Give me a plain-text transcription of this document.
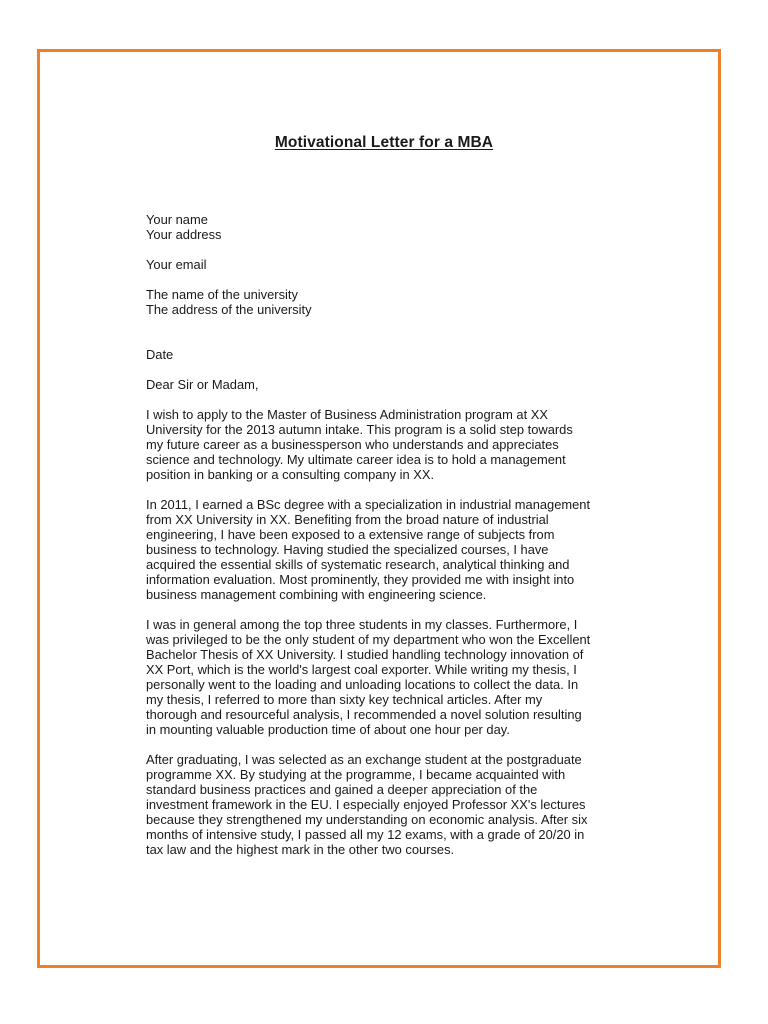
Motivational Letter for a MBA
Your name
Your address
Your email
The name of the university
The address of the university
Date
Dear Sir or Madam,
I wish to apply to the Master of Business Administration program at XX
University for the 2013 autumn intake. This program is a solid step towards
my future career as a businessperson who understands and appreciates
science and technology. My ultimate career idea is to hold a management
position in banking or a consulting company in XX.
In 2011, I earned a BSc degree with a specialization in industrial management
from XX University in XX. Benefiting from the broad nature of industrial
engineering, I have been exposed to a extensive range of subjects from
business to technology. Having studied the specialized courses, I have
acquired the essential skills of systematic research, analytical thinking and
information evaluation. Most prominently, they provided me with insight into
business management combining with engineering science.
I was in general among the top three students in my classes. Furthermore, I
was privileged to be the only student of my department who won the Excellent
Bachelor Thesis of XX University. I studied handling technology innovation of
XX Port, which is the world's largest coal exporter. While writing my thesis, I
personally went to the loading and unloading locations to collect the data. In
my thesis, I referred to more than sixty key technical articles. After my
thorough and resourceful analysis, I recommended a novel solution resulting
in mounting valuable production time of about one hour per day.
After graduating, I was selected as an exchange student at the postgraduate
programme XX. By studying at the programme, I became acquainted with
standard business practices and gained a deeper appreciation of the
investment framework in the EU. I especially enjoyed Professor XX's lectures
because they strengthened my understanding on economic analysis. After six
months of intensive study, I passed all my 12 exams, with a grade of 20/20 in
tax law and the highest mark in the other two courses.
